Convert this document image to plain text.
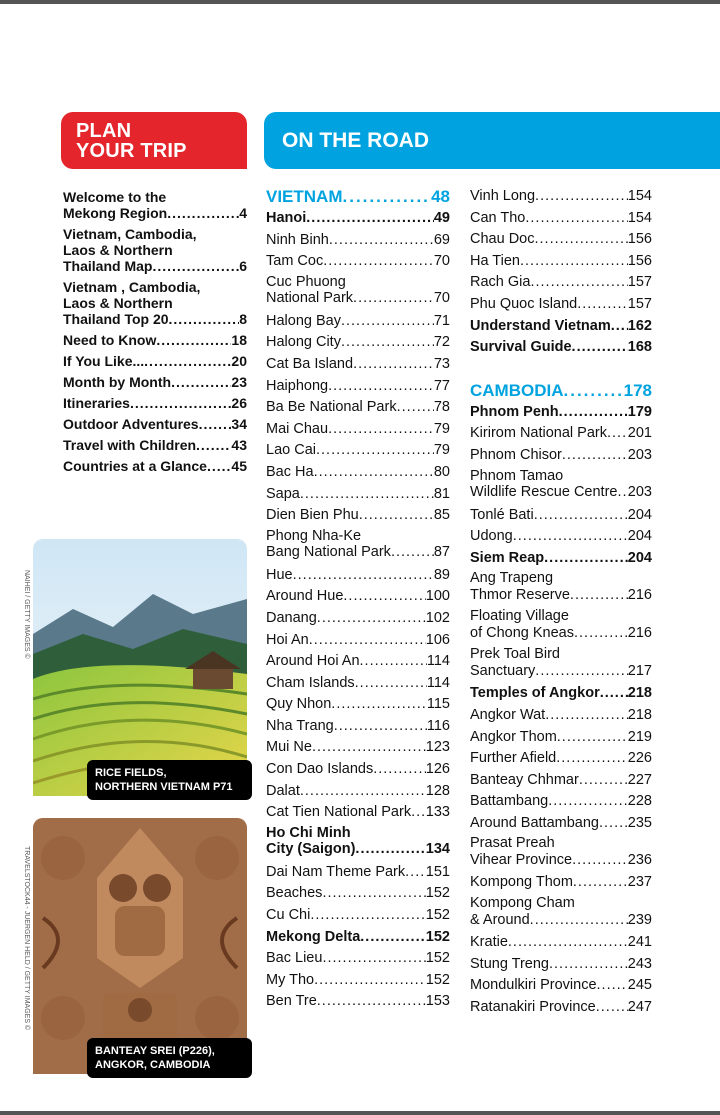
PLAN
YOUR TRIP	ON THE ROAD
Welcome to the
Mekong Region .....	4
Vietnam, Cambodia,
Laos & Northern
Thailand Map .....	6
Vietnam , Cambodia,
Laos & Northern
Thailand Top 20 .....	8
Need to Know .....	18
If You Like... .....	20
Month by Month .....	23
Itineraries .....	26
Outdoor Adventures ..... 34
Travel with Children .....	43
Countries at a Glance ..... 45
VIETNAM .....	48
Hanoi .....	49
Ninh Binh .....	69
Tam Coc .....	70
Cuc Phuong
National Park .....	70
Halong Bay .....	71
Halong City .....	72
Cat Ba Island .....	73
Haiphong .....	77
Ba Be National Park .....	78
Mai Chau .....	79
Lao Cai .....	79
Bac Ha .....	80
Sapa .....	81
Dien Bien Phu .....	85
Phong Nha-Ke
Bang National Park .....	87
Hue .....	89
Around Hue .....	100
Danang .....	102
Hoi An .....	106
Around Hoi An .....	114
Cham Islands .....	114
Quy Nhon .....	115
Nha Trang .....	116
Mui Ne .....	123
Con Dao Islands .....	126
Dalat .....	128
Cat Tien National Park ..... 133
Ho Chi Minh
City (Saigon) .....	134
Dai Nam Theme Park ..... 151
Beaches .....	152
Cu Chi .....	152
Mekong Delta .....	152
Bac Lieu .....	152
My Tho .....	152
Ben Tre .....	153
Vinh Long .....	154
Can Tho .....	154
Chau Doc .....	156
Ha Tien .....	156
Rach Gia .....	157
Phu Quoc Island .....	157
Understand Vietnam ..... 162
Survival Guide .....	168
CAMBODIA .....	178
Phnom Penh .....	179
Kirirom National Park ..... 201
Phnom Chisor .....	203
Phnom Tamao
Wildlife Rescue Centre ..... 203
Tonlé Bati .....	204
Udong .....	204
Siem Reap .....	204
Ang Trapeng
Thmor Reserve .....	216
Floating Village
of Chong Kneas .....	216
Prek Toal Bird
Sanctuary .....	217
Temples of Angkor ..... 218
Angkor Wat .....	218
Angkor Thom .....	219
Further Afield .....	226
Banteay Chhmar .....	227
Battambang .....	228
Around Battambang ..... 235
Prasat Preah
Vihear Province .....	236
Kompong Thom .....	237
Kompong Cham
& Around .....	239
Kratie .....	241
Stung Treng .....	243
Mondulkiri Province ..... 245
Ratanakiri Province ..... 247
NAIHEI / GETTY IMAGES ©
RICE FIELDS,
NORTHERN VIETNAM P71
TRAVELSTOCK44 - JUERGEN HELD / GETTY IMAGES ©
BANTEAY SREI (P226),
ANGKOR, CAMBODIA
